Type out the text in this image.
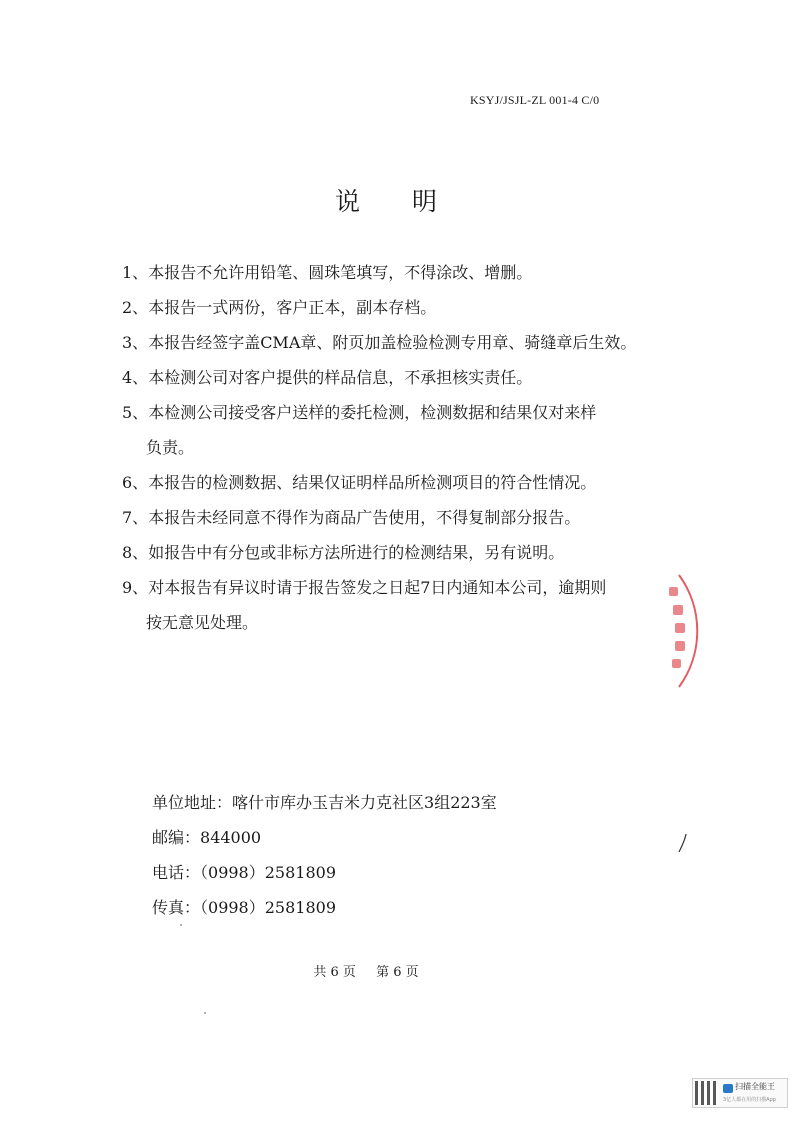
KSYJ/JSJL-ZL 001-4 C/0
说明
1、本报告不允许用铅笔、圆珠笔填写，不得涂改、增删。
2、本报告一式两份，客户正本，副本存档。
3、本报告经签字盖CMA章、附页加盖检验检测专用章、骑缝章后生效。
4、本检测公司对客户提供的样品信息，不承担核实责任。
5、本检测公司接受客户送样的委托检测，检测数据和结果仅对来样
负责。
6、本报告的检测数据、结果仅证明样品所检测项目的符合性情况。
7、本报告未经同意不得作为商品广告使用，不得复制部分报告。
8、如报告中有分包或非标方法所进行的检测结果，另有说明。
9、对本报告有异议时请于报告签发之日起7日内通知本公司，逾期则
按无意见处理。
单位地址：喀什市库办玉吉米力克社区3组223室
邮编：844000
电话：（0998）2581809
传真：（0998）2581809
共 6 页 第 6 页
扫描全能王
3亿人都在用的扫描App
